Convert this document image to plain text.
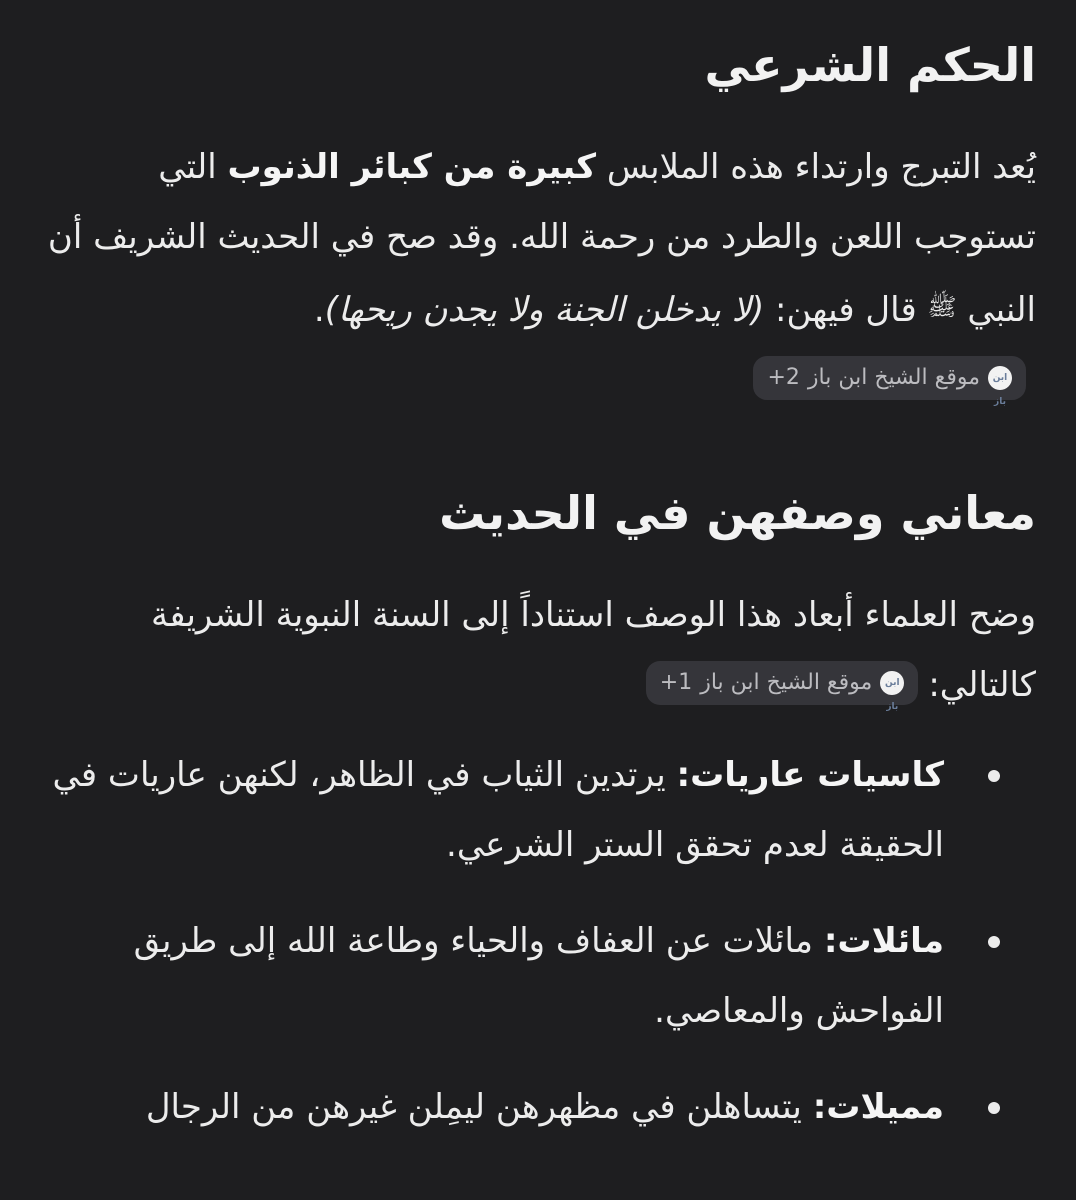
الحكم الشرعي

يُعد التبرج وارتداء هذه الملابس كبيرة من كبائر الذنوب التي تستوجب اللعن والطرد من رحمة الله. وقد صح في الحديث الشريف أن النبي ﷺ قال فيهن: (لا يدخلن الجنة ولا يجدن ريحها).
ابن باز
موقع الشيخ ابن باز
+2

معاني وصفهن في الحديث

وضح العلماء أبعاد هذا الوصف استناداً إلى السنة النبوية الشريفة كالتالي:
ابن باز
موقع الشيخ ابن باز
+1

كاسيات عاريات: يرتدين الثياب في الظاهر، لكنهن عاريات في الحقيقة لعدم تحقق الستر الشرعي.
مائلات: مائلات عن العفاف والحياء وطاعة الله إلى طريق الفواحش والمعاصي.
مميلات: يتساهلن في مظهرهن ليمِلن غيرهن من الرجال
